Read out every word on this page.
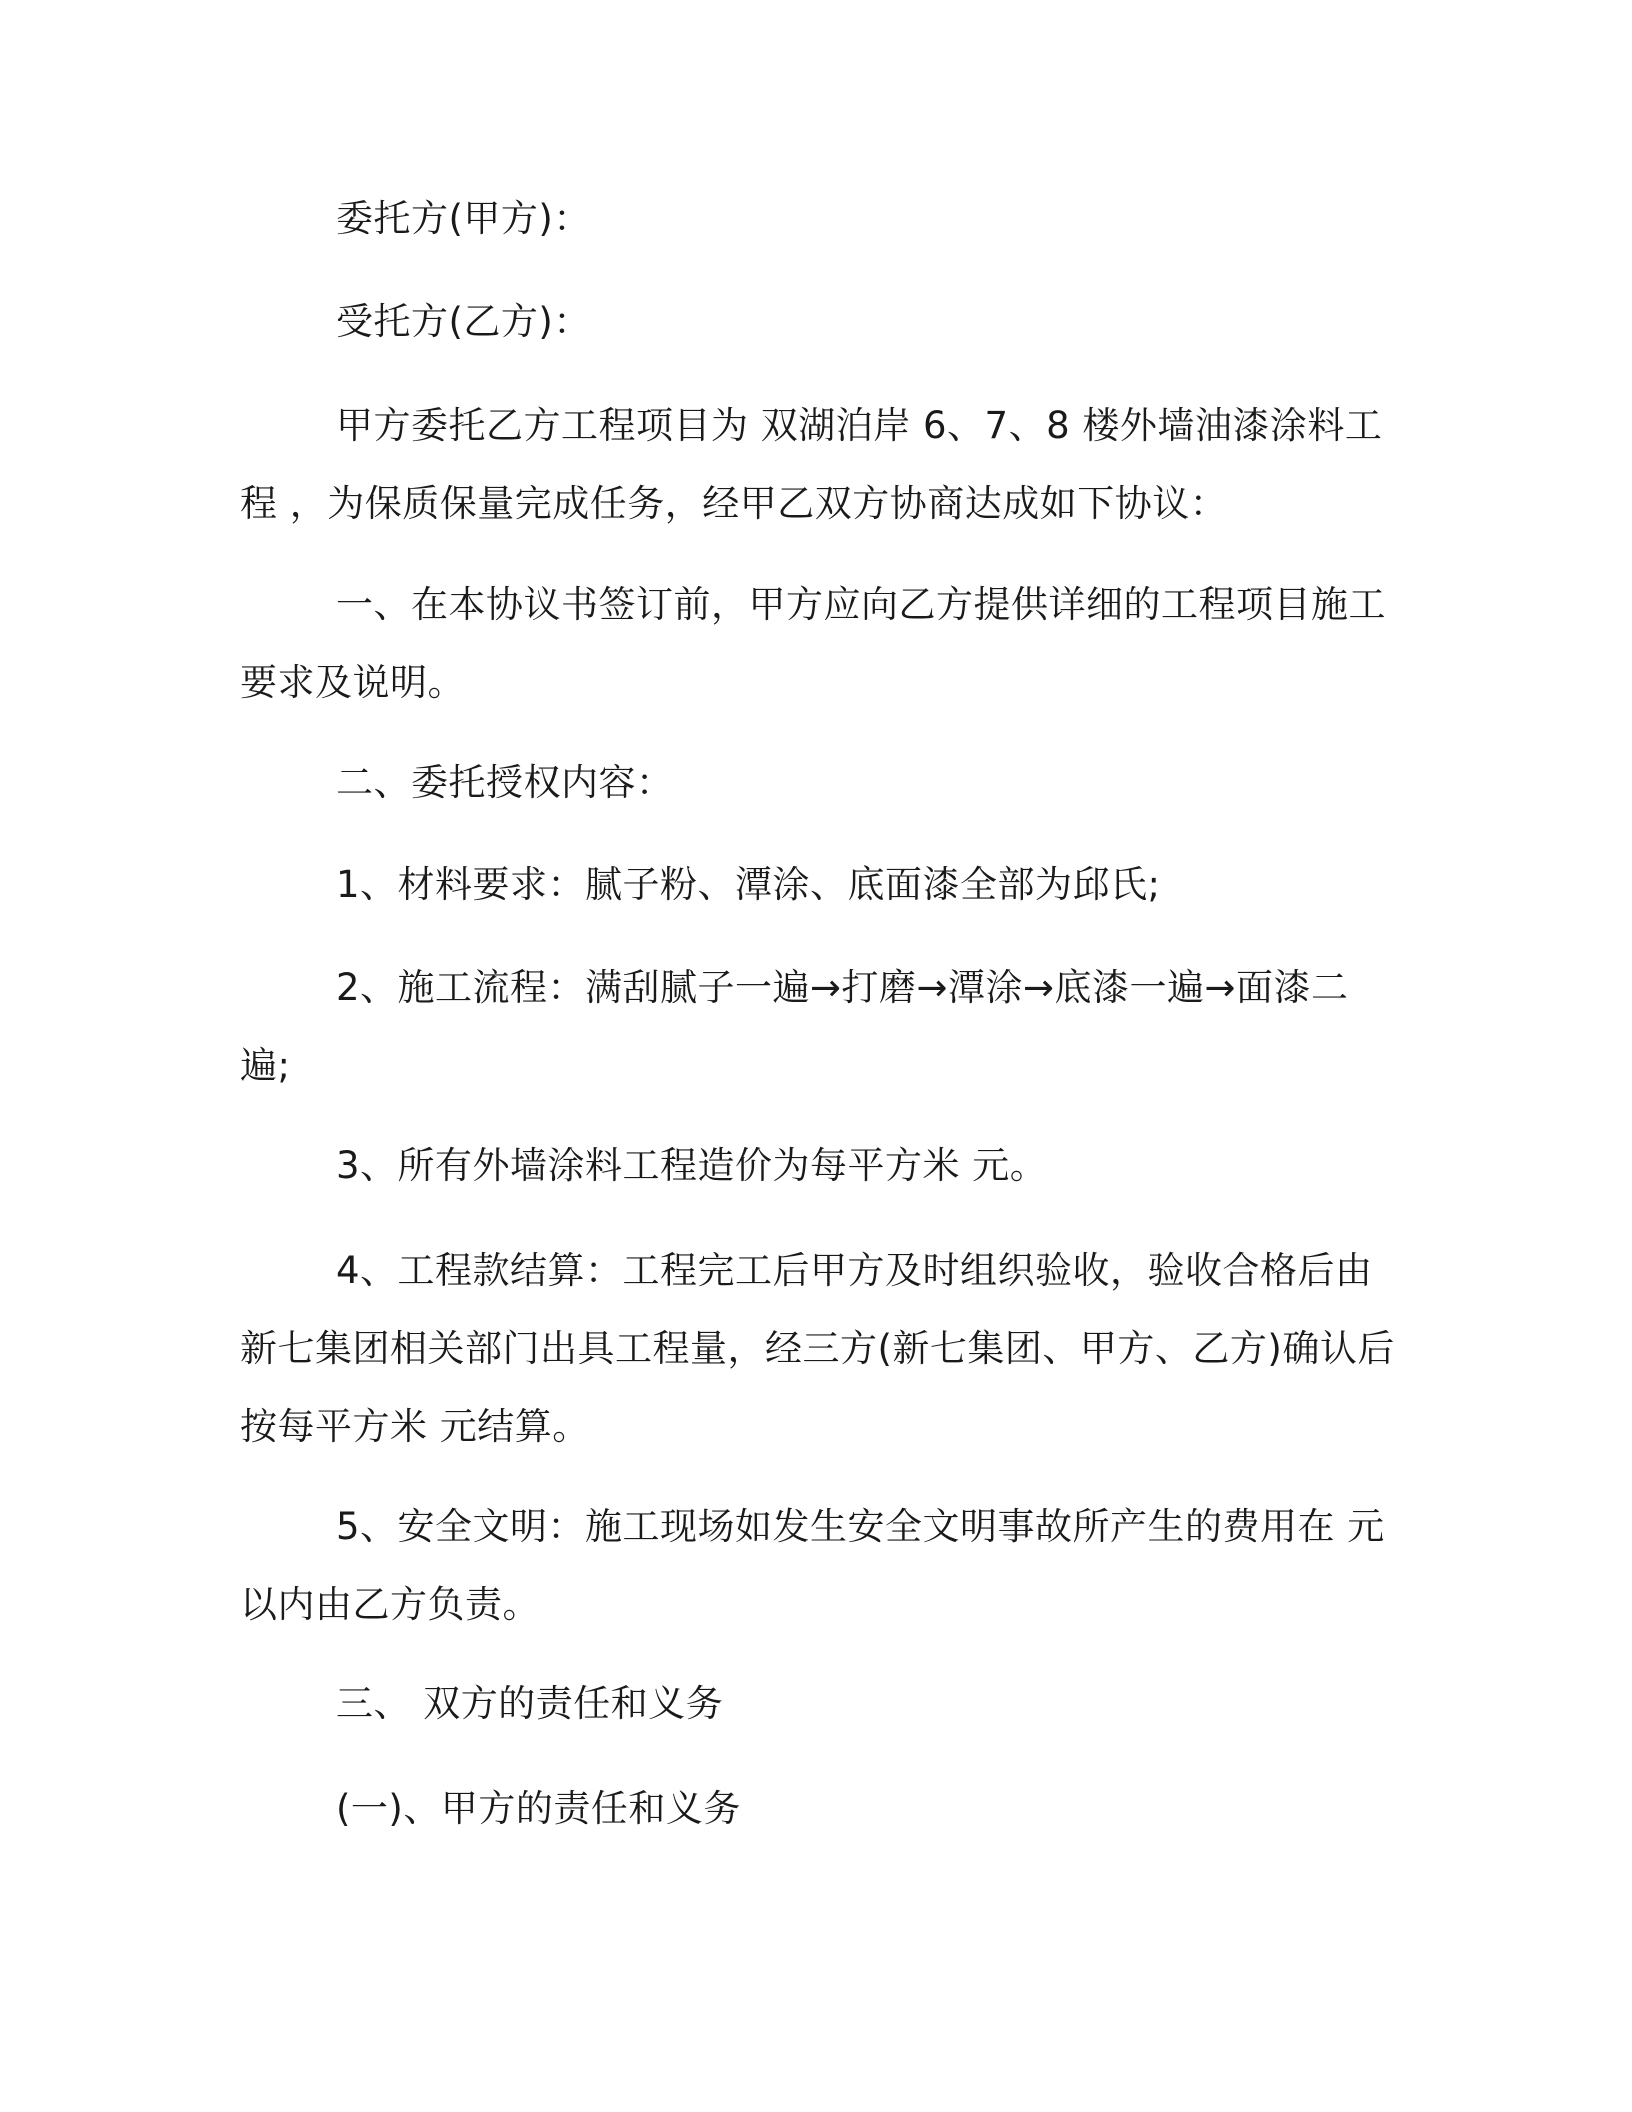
委托方(甲方)：
受托方(乙方)：
甲方委托乙方工程项目为 双湖泊岸 6、7、8 楼外墙油漆涂料工
程 ，为保质保量完成任务，经甲乙双方协商达成如下协议：
一、在本协议书签订前，甲方应向乙方提供详细的工程项目施工
要求及说明。
二、委托授权内容：
1、材料要求：腻子粉、潭涂、底面漆全部为邱氏;
2、施工流程：满刮腻子一遍→打磨→潭涂→底漆一遍→面漆二
遍;
3、所有外墙涂料工程造价为每平方米 元。
4、工程款结算：工程完工后甲方及时组织验收，验收合格后由
新七集团相关部门出具工程量，经三方(新七集团、甲方、乙方)确认后
按每平方米 元结算。
5、安全文明：施工现场如发生安全文明事故所产生的费用在 元
以内由乙方负责。
三、 双方的责任和义务
(一)、甲方的责任和义务
